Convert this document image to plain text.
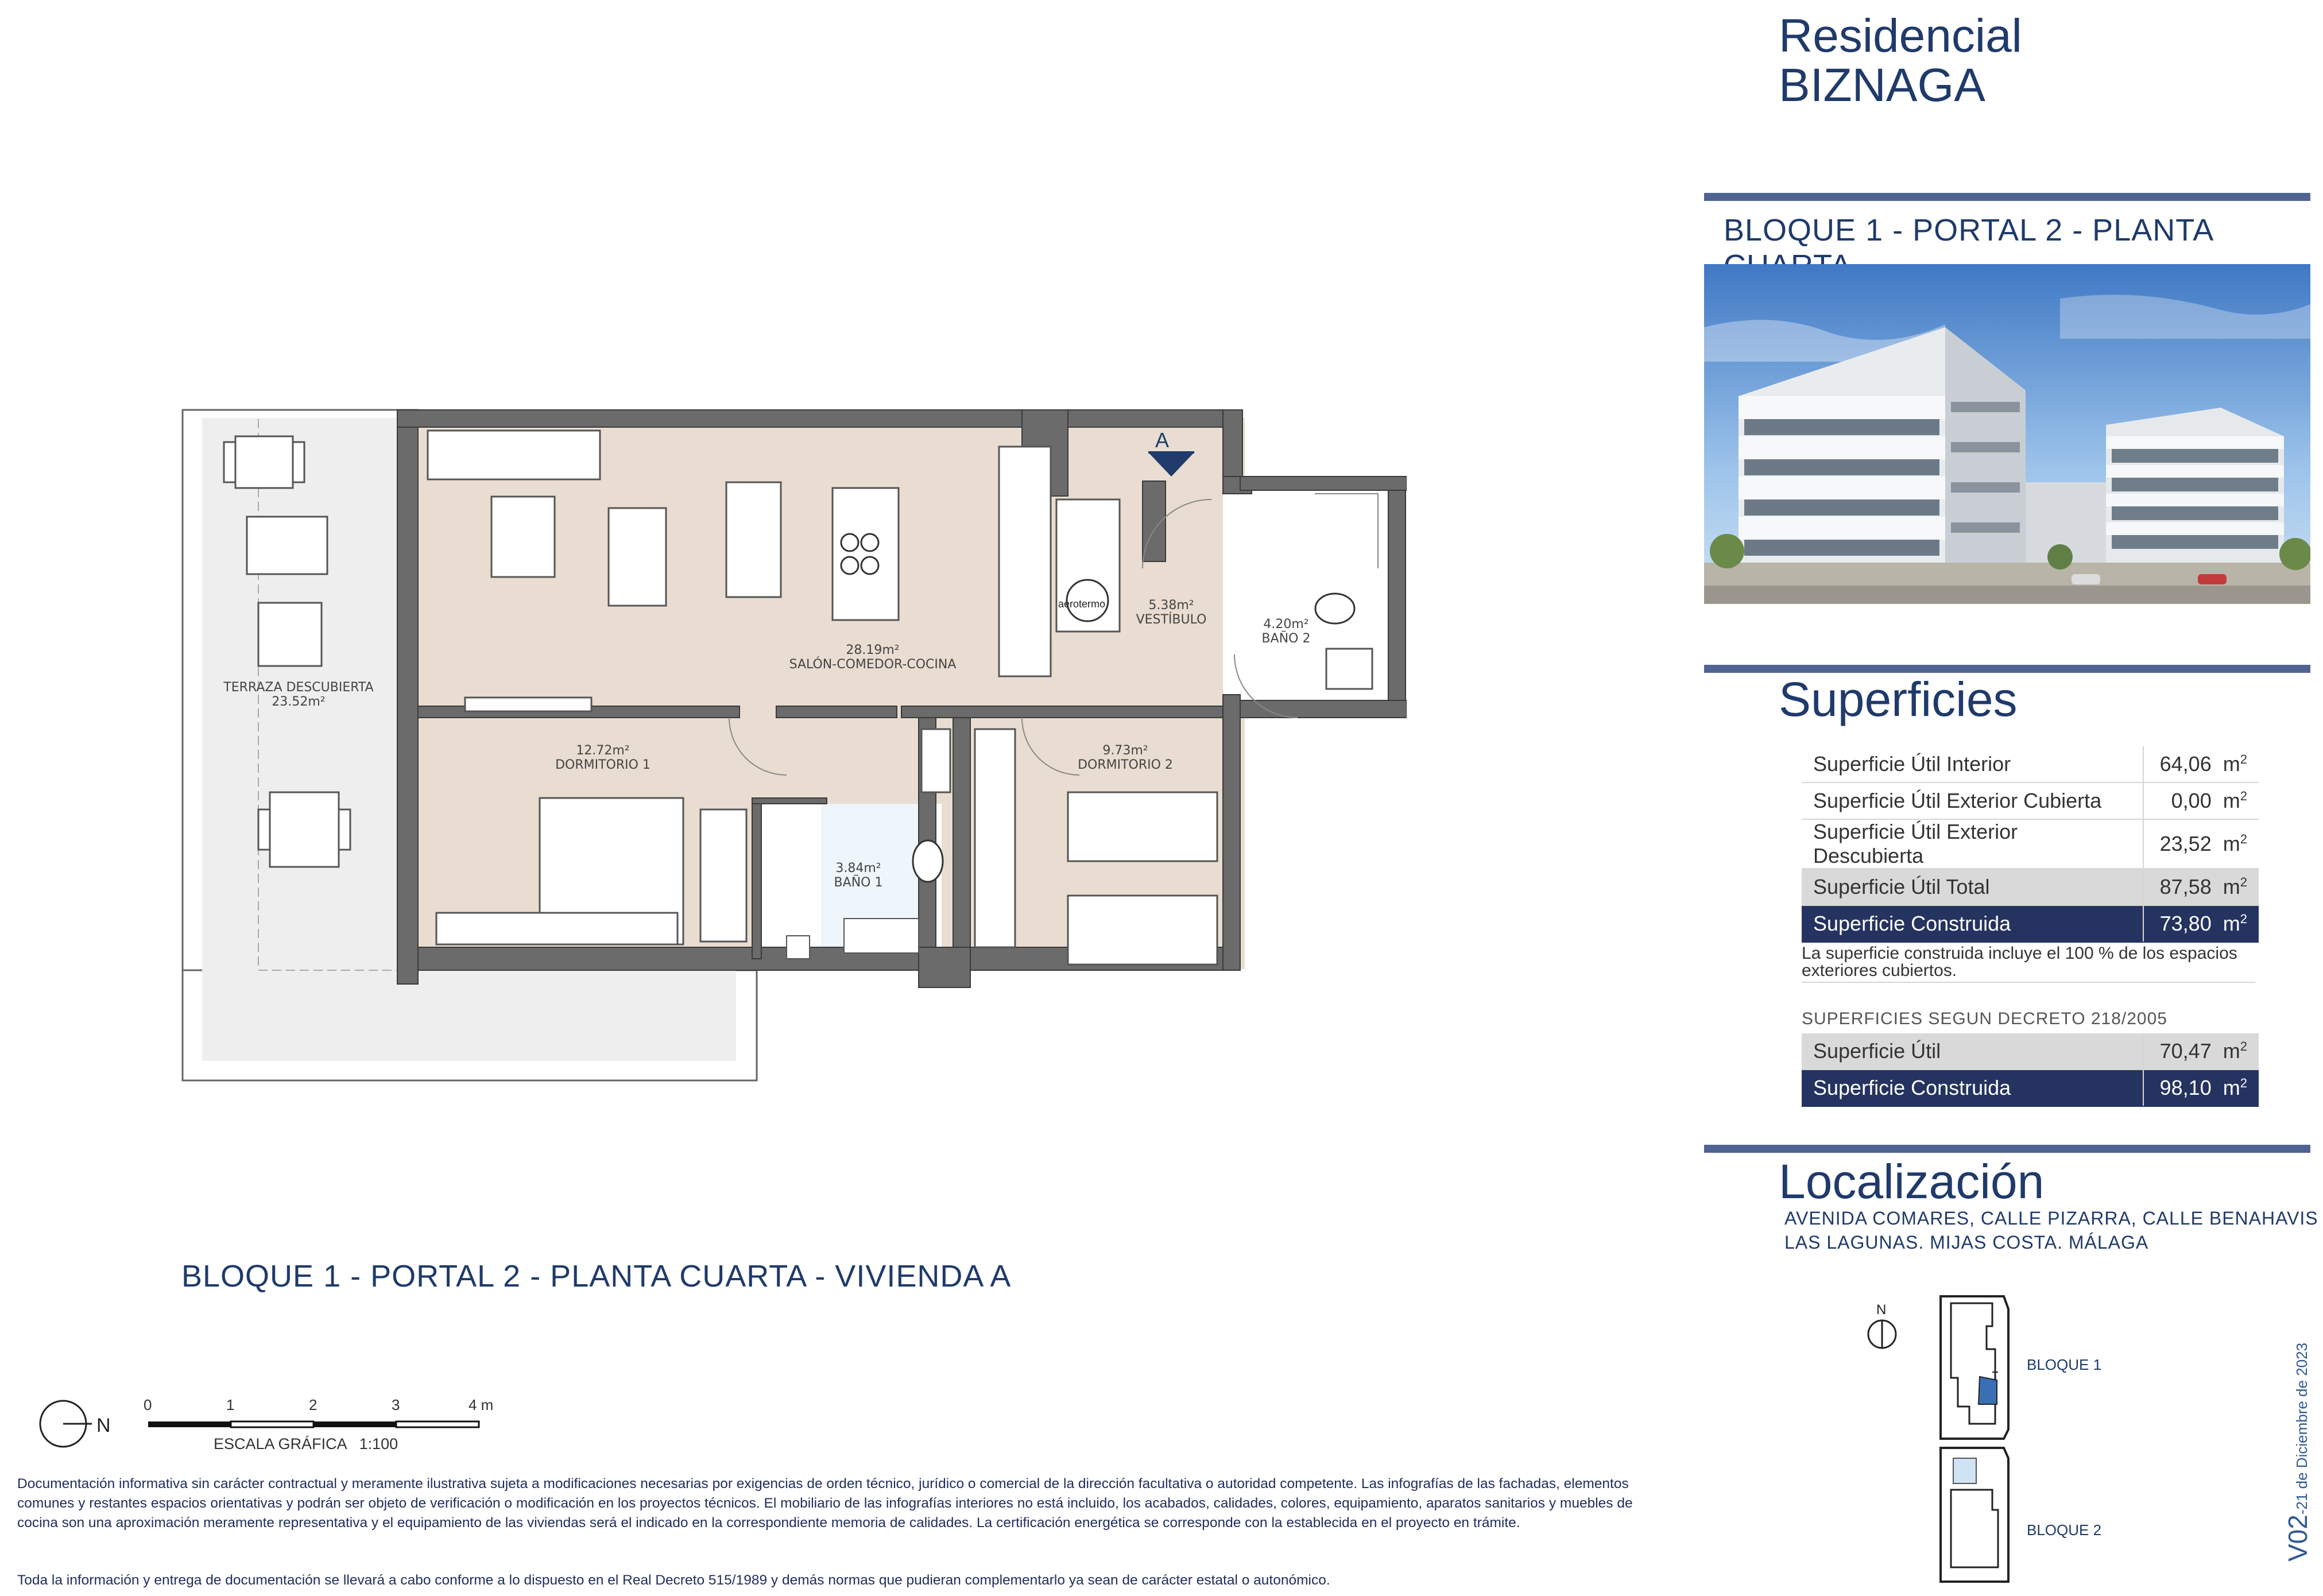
Residencial
BIZNAGA
BLOQUE 1 - PORTAL 2 - PLANTA
Superficies
Superficie Útil Interior	64,06 $m^2$
Superficie Útil Exterior Cubierta	0,00 $m^2$
Superficie Útil Exterior Descubierta	23,52 $m^2$
Superficie Útil Total	87,58 $m^2$
Superficie Construida	73,80 $m^2$
La superficie construida incluye el 100 % de los espacios exteriores cubiertos.
SUPERFICIES SEGUN DECRETO 218/2005
Superficie Útil	70,47 $m^2$
Superficie Construida	98,10 $m^2$
Localización
AVENIDA COMARES, CALLE PIZARRA, CALLE BENAHAVIS
LAS LAGUNAS. MIJAS COSTA. MÁLAGA
N
BLOQUE 1
BLOQUE 2	V02-21 de Diciembre de 2023
A
aerotermo
TERRAZA DESCUBIERTA
23.52m²
28.19m²
SALÓN-COMEDOR-COCINA
5.38m²
VESTÍBULO	4.20m²
BAÑO 2
12.72m²
DORMITORIO 1
3.84m²
BAÑO 1
9.73m²
DORMITORIO 2
BLOQUE 1 - PORTAL 2 - PLANTA CUARTA - VIVIENDA A
N
0	1	2	3	4 m
ESCALA GRÁFICA   1:100
Documentación informativa sin carácter contractual y meramente ilustrativa sujeta a modificaciones necesarias por exigencias de orden técnico, jurídico o comercial de la dirección facultativa o autoridad competente. Las infografías de las fachadas, elementos comunes y restantes espacios orientativas y podrán ser objeto de verificación o modificación en los proyectos técnicos. El mobiliario de las infografías interiores no está incluido, los acabados, calidades, colores, equipamiento, aparatos sanitarios y muebles de cocina son una aproximación meramente representativa y el equipamiento de las viviendas será el indicado en la correspondiente memoria de calidades. La certificación energética se corresponde con la establecida en el proyecto en trámite.
Toda la información y entrega de documentación se llevará a cabo conforme a lo dispuesto en el Real Decreto 515/1989 y demás normas que pudieran complementarlo ya sean de carácter estatal o autonómico.
